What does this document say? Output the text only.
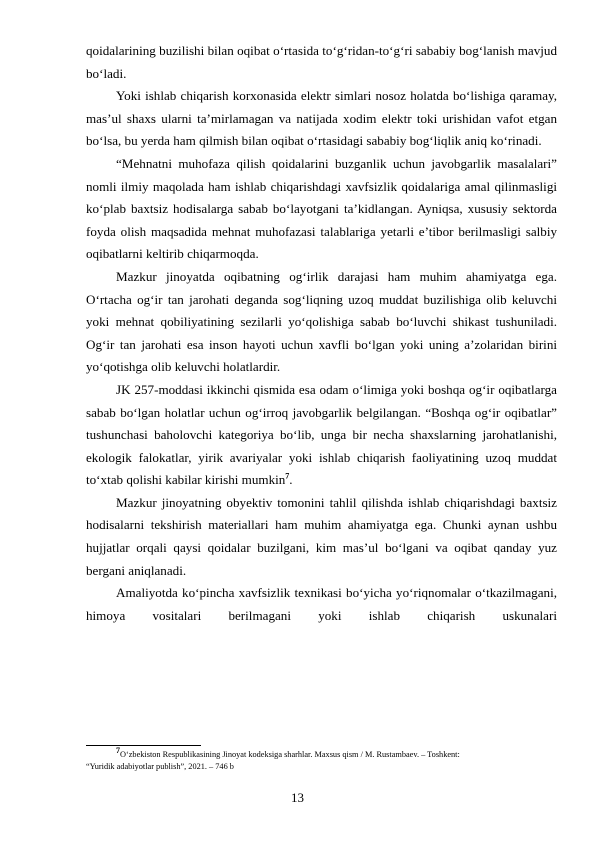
qoidalarining buzilishi bilan oqibat o‘rtasida to‘g‘ridan-to‘g‘ri sababiy bog‘lanish mavjud bo‘ladi.

Yoki ishlab chiqarish korxonasida elektr simlari nosoz holatda bo‘lishiga qaramay, mas’ul shaxs ularni ta’mirlamagan va natijada xodim elektr toki urishidan vafot etgan bo‘lsa, bu yerda ham qilmish bilan oqibat o‘rtasidagi sababiy bog‘liqlik aniq ko‘rinadi.

“Mehnatni muhofaza qilish qoidalarini buzganlik uchun javobgarlik masalalari” nomli ilmiy maqolada ham ishlab chiqarishdagi xavfsizlik qoidalariga amal qilinmasligi ko‘plab baxtsiz hodisalarga sabab bo‘layotgani ta’kidlangan. Ayniqsa, xususiy sektorda foyda olish maqsadida mehnat muhofazasi talablariga yetarli e’tibor berilmasligi salbiy oqibatlarni keltirib chiqarmoqda.

Mazkur jinoyatda oqibatning og‘irlik darajasi ham muhim ahamiyatga ega. O‘rtacha og‘ir tan jarohati deganda sog‘liqning uzoq muddat buzilishiga olib keluvchi yoki mehnat qobiliyatining sezilarli yo‘qolishiga sabab bo‘luvchi shikast tushuniladi. Og‘ir tan jarohati esa inson hayoti uchun xavfli bo‘lgan yoki uning a’zolaridan birini yo‘qotishga olib keluvchi holatlardir.

JK 257-moddasi ikkinchi qismida esa odam o‘limiga yoki boshqa og‘ir oqibatlarga sabab bo‘lgan holatlar uchun og‘irroq javobgarlik belgilangan. “Boshqa og‘ir oqibatlar” tushunchasi baholovchi kategoriya bo‘lib, unga bir necha shaxslarning jarohatlanishi, ekologik falokatlar, yirik avariyalar yoki ishlab chiqarish faoliyatining uzoq muddat to‘xtab qolishi kabilar kirishi mumkin$^7$.

Mazkur jinoyatning obyektiv tomonini tahlil qilishda ishlab chiqarishdagi baxtsiz hodisalarni tekshirish materiallari ham muhim ahamiyatga ega. Chunki aynan ushbu hujjatlar orqali qaysi qoidalar buzilgani, kim mas’ul bo‘lgani va oqibat qanday yuz bergani aniqlanadi.

Amaliyotda ko‘pincha xavfsizlik texnikasi bo‘yicha yo‘riqnomalar o‘tkazilmagani, himoya vositalari berilmagani yoki ishlab chiqarish uskunalari

$^7$O‘zbekiston Respublikasining Jinoyat kodeksiga sharhlar. Maxsus qism / M. Rustambaev. – Toshkent:
“Yuridik adabiyotlar publish”, 2021. – 746 b
13
